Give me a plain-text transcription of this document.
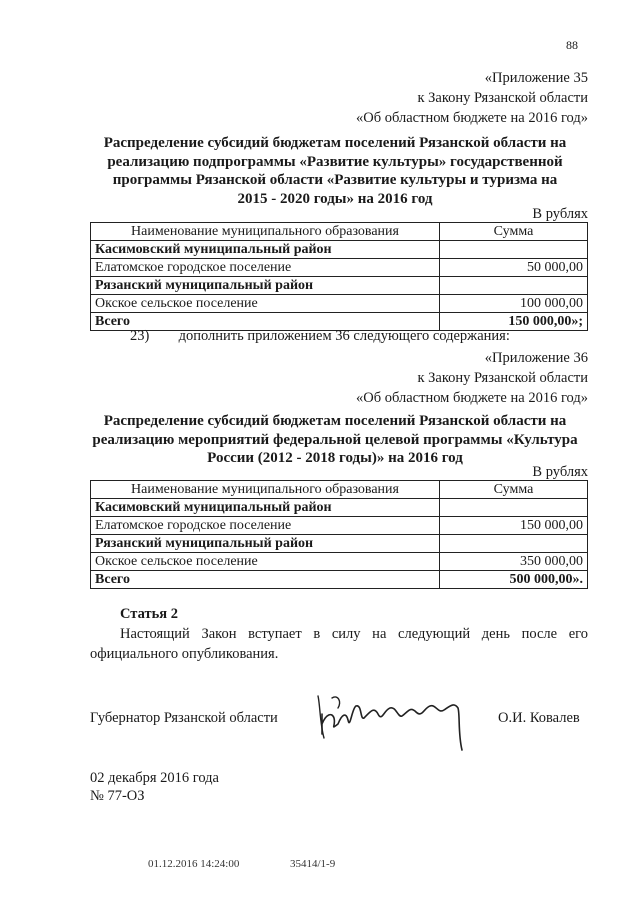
88
«Приложение 35
к Закону Рязанской области
«Об областном бюджете на 2016 год»
Распределение субсидий бюджетам поселений Рязанской области на
реализацию подпрограммы «Развитие культуры» государственной
программы Рязанской области «Развитие культуры и туризма на
2015 - 2020 годы» на 2016 год
В рублях
Наименование муниципального образования	Сумма
Касимовский муниципальный район	
Елатомское городское поселение	50 000,00
Рязанский муниципальный район	
Окское сельское поселение	100 000,00
Всего	150 000,00»;
23) дополнить приложением 36 следующего содержания:
«Приложение 36
к Закону Рязанской области
«Об областном бюджете на 2016 год»
Распределение субсидий бюджетам поселений Рязанской области на
реализацию мероприятий федеральной целевой программы «Культура
России (2012 - 2018 годы)» на 2016 год
В рублях
Наименование муниципального образования	Сумма
Касимовский муниципальный район	
Елатомское городское поселение	150 000,00
Рязанский муниципальный район	
Окское сельское поселение	350 000,00
Всего	500 000,00».
Статья 2
Настоящий Закон вступает в силу на следующий день после его
официального опубликования.
Губернатор Рязанской области	О.И. Ковалев
02 декабря 2016 года
№ 77-ОЗ
01.12.2016 14:24:00	35414/1-9
